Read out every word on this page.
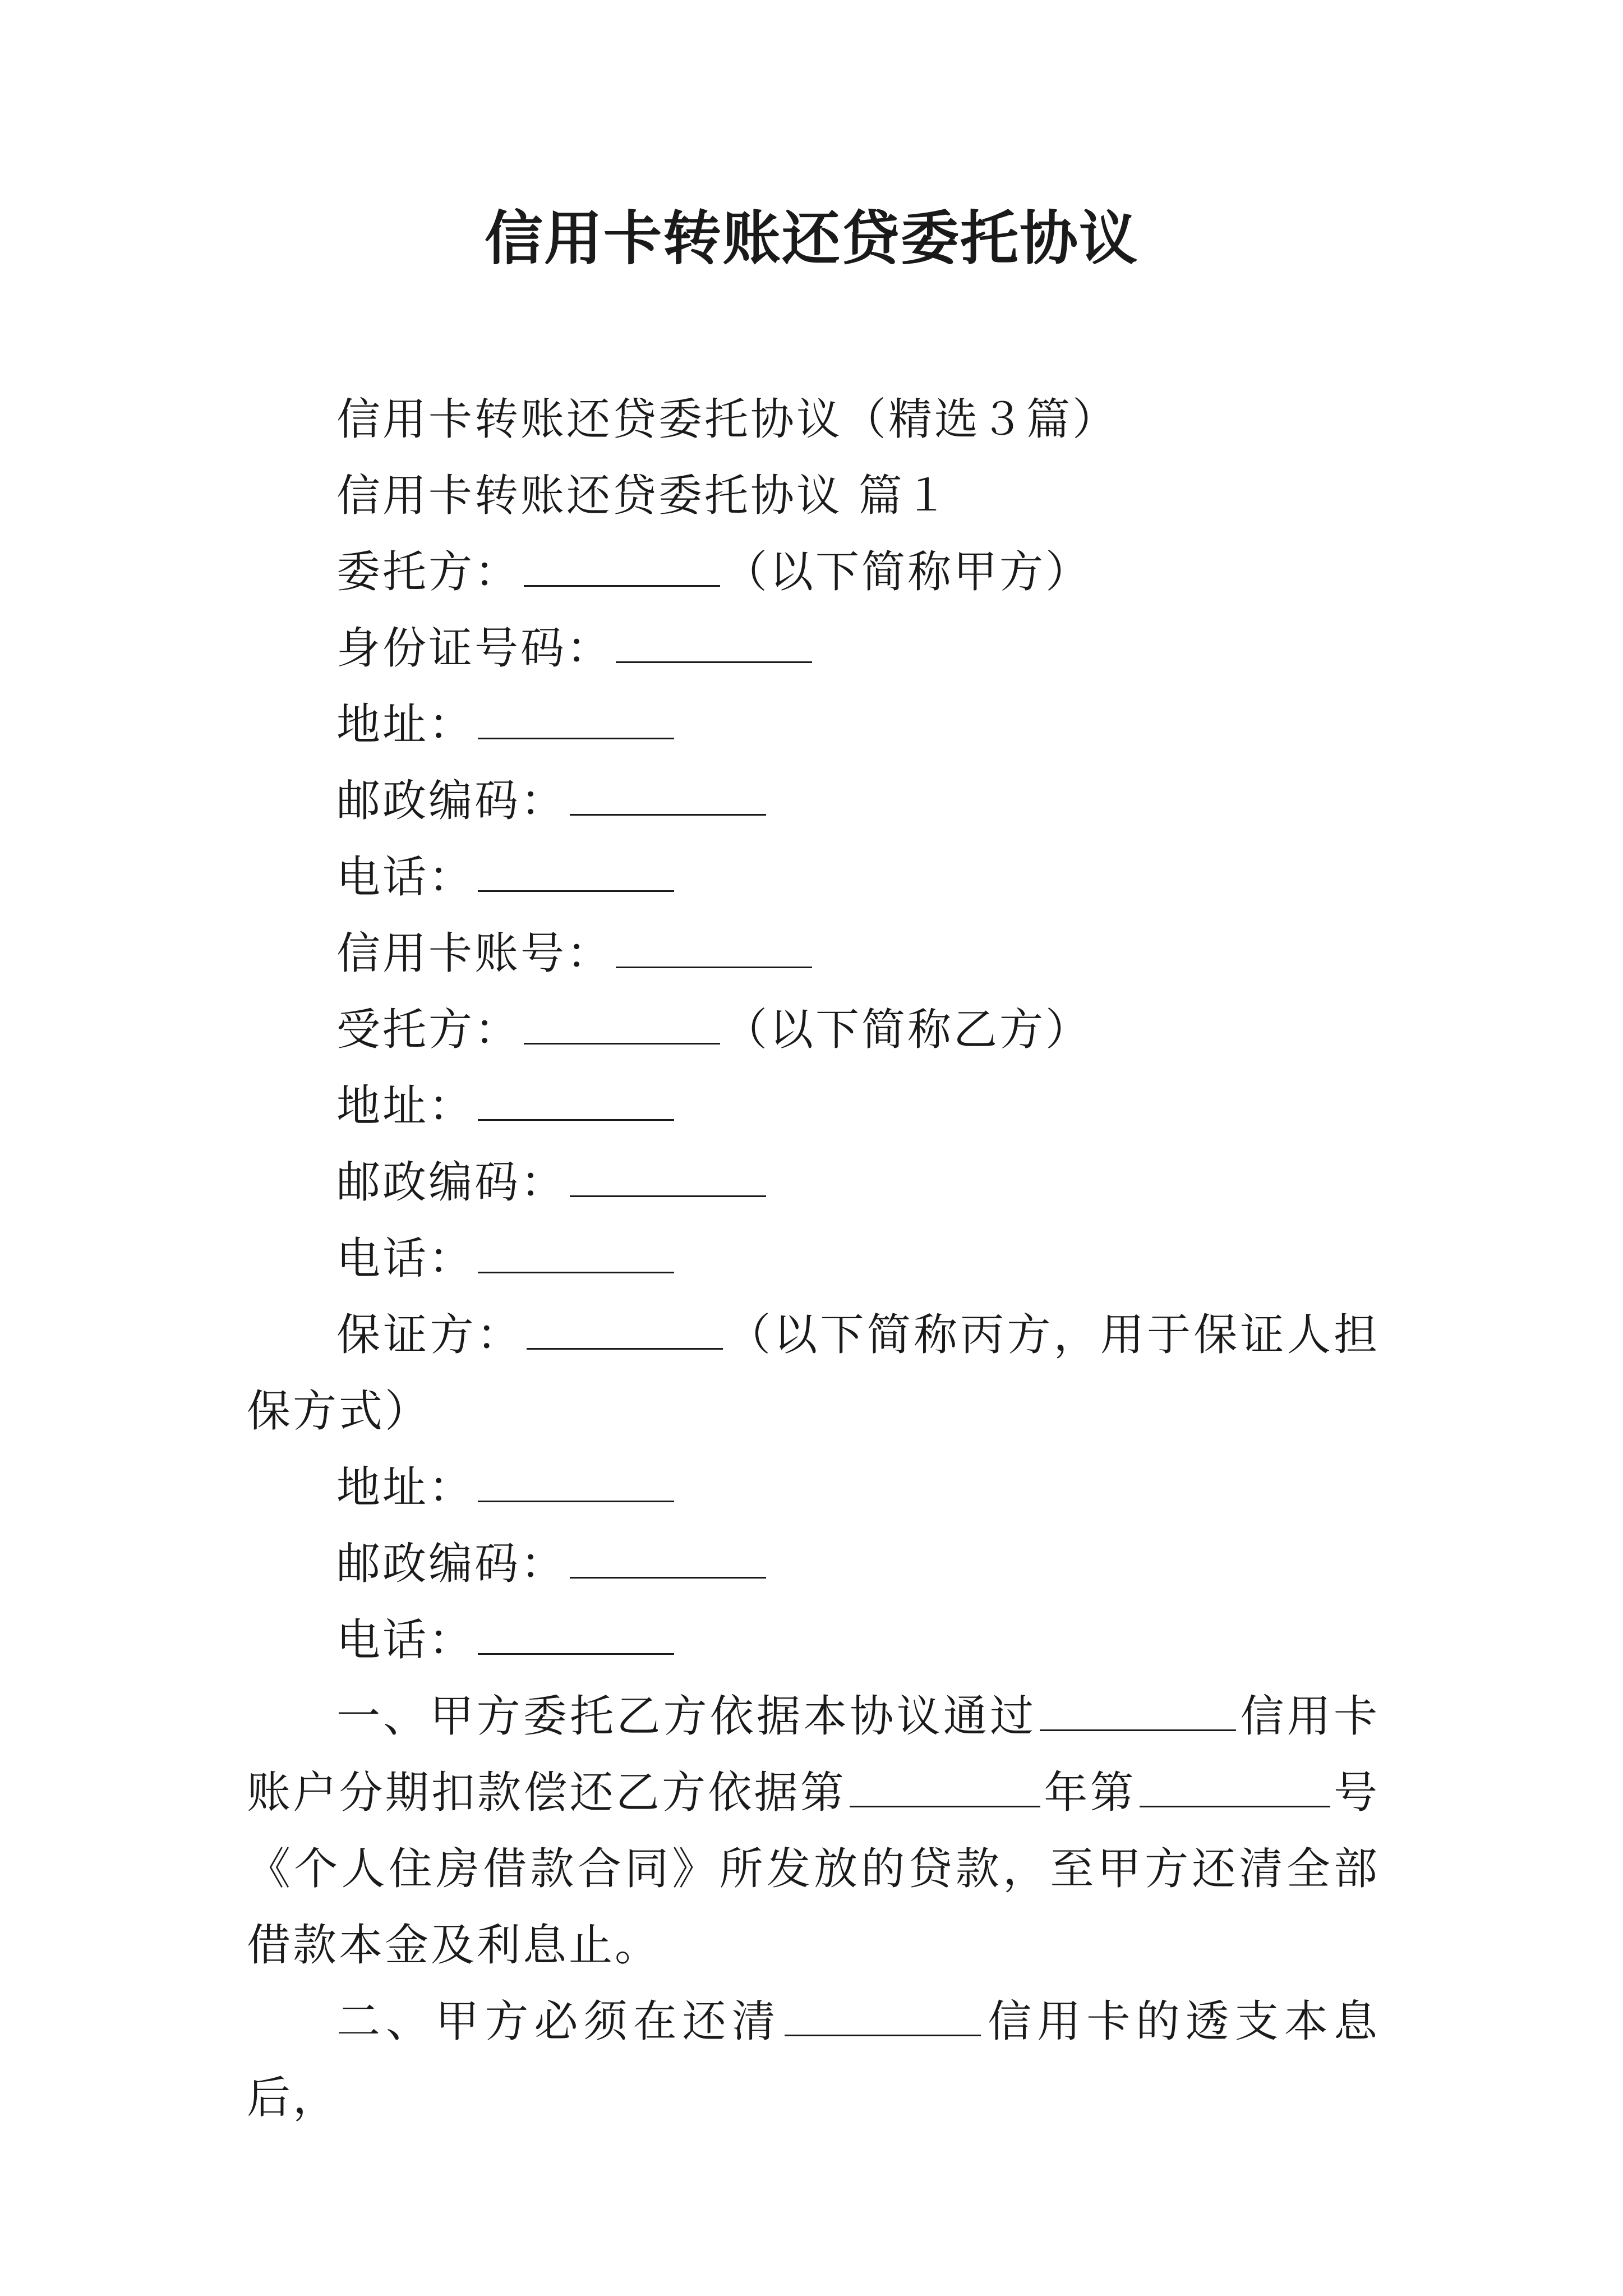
信用卡转账还贷委托协议
信用卡转账还贷委托协议（精选３篇）
信用卡转账还贷委托协议 篇１
委托方：	（以下简称甲方）
身份证号码：
地址：
邮政编码：
电话：
信用卡账号：
受托方：	（以下简称乙方）
地址：
邮政编码：
电话：
保证方：	（以下简称丙方，用于保证人担保方式）
地址：
邮政编码：
电话：
一、甲方委托乙方依据本协议通过	信用卡账户分期扣款偿还乙方依据第	年第	号《个人住房借款合同》所发放的贷款，至甲方还清全部借款本金及利息止。
二、甲方必须在还清	信用卡的透支本息后，
